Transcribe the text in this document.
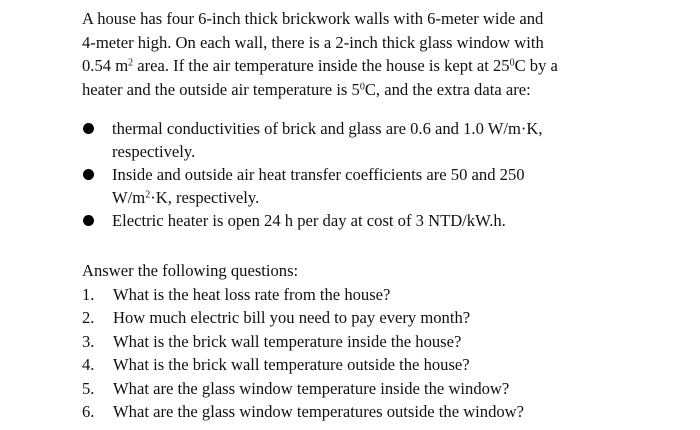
A house has four 6-inch thick brickwork walls with 6-meter wide and
4-meter high. On each wall, there is a 2-inch thick glass window with
0.54 $m^2$ area. If the air temperature inside the house is kept at $25^0C$ by a
heater and the outside air temperature is $5^0C$, and the extra data are:
thermal conductivities of brick and glass are 0.6 and 1.0 W/m·K,
respectively.
Inside and outside air heat transfer coefficients are 50 and 250
$W/m^2\cdot K$, respectively.
Electric heater is open 24 h per day at cost of 3 NTD/kW.h.
Answer the following questions:
1. What is the heat loss rate from the house?
2. How much electric bill you need to pay every month?
3. What is the brick wall temperature inside the house?
4. What is the brick wall temperature outside the house?
5. What are the glass window temperature inside the window?
6. What are the glass window temperatures outside the window?
